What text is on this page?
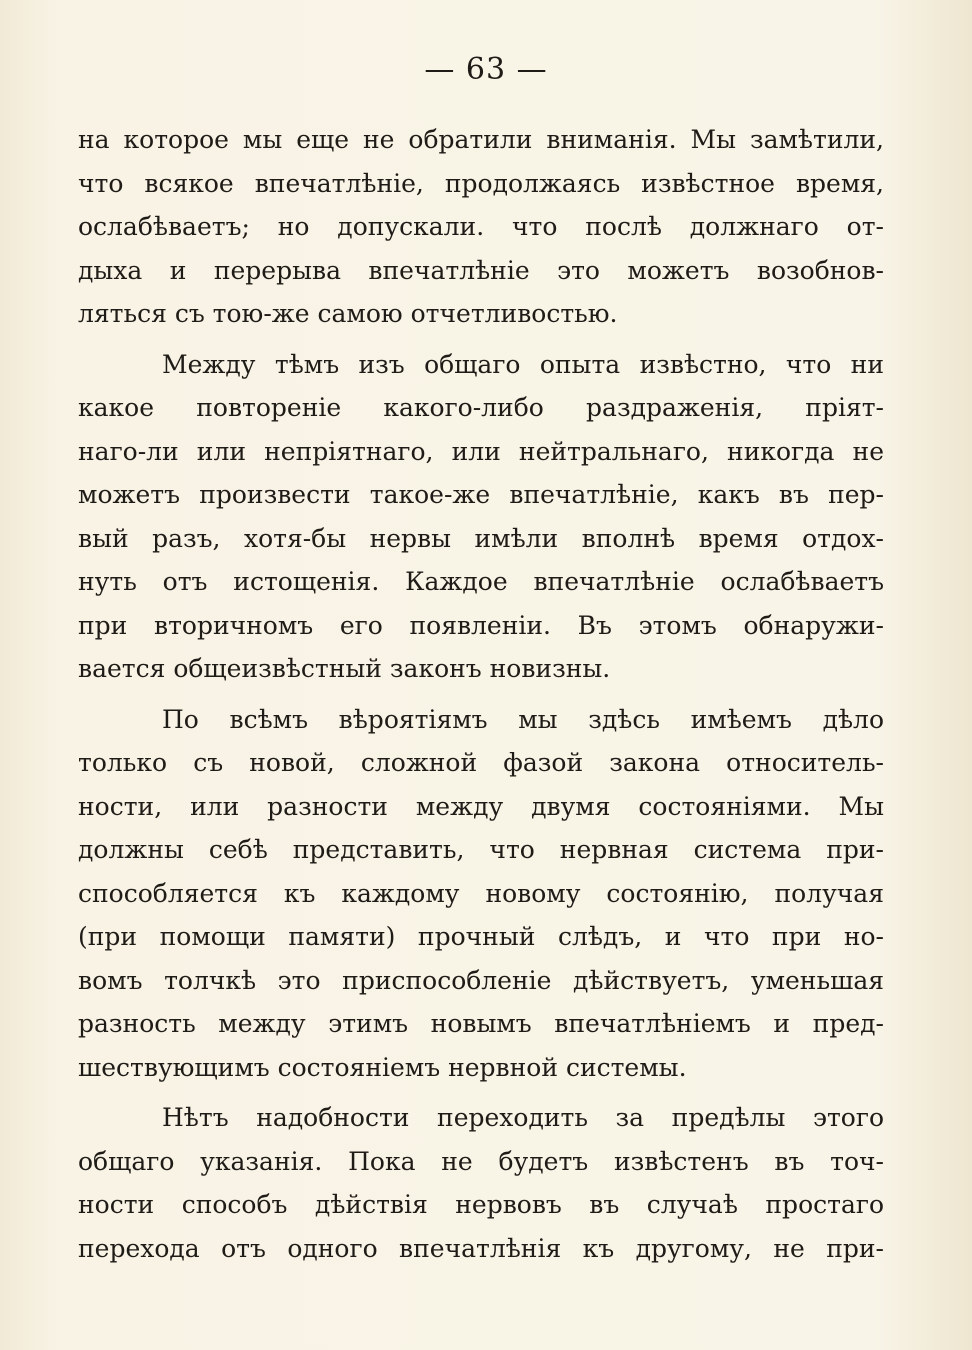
— 63 —
на которое мы еще не обратили вниманія. Мы замѣтили,
что всякое впечатлѣніе, продолжаясь извѣстное время,
ослабѣваетъ; но допускали. что послѣ должнаго от-
дыха и перерыва впечатлѣніе это можетъ возобнов-
ляться съ тою-же самою отчетливостью.
Между тѣмъ изъ общаго опыта извѣстно, что ни
какое повтореніе какого-либо раздраженія, пріят-
наго-ли или непріятнаго, или нейтральнаго, никогда не
можетъ произвести такое-же впечатлѣніе, какъ въ пер-
вый разъ, хотя-бы нервы имѣли вполнѣ время отдох-
нуть отъ истощенія. Каждое впечатлѣніе ослабѣваетъ
при вторичномъ его появленіи. Въ этомъ обнаружи-
вается общеизвѣстный законъ новизны.
По всѣмъ вѣроятіямъ мы здѣсь имѣемъ дѣло
только съ новой, сложной фазой закона относитель-
ности, или разности между двумя состояніями. Мы
должны себѣ представить, что нервная система при-
способляется къ каждому новому состоянію, получая
(при помощи памяти) прочный слѣдъ, и что при но-
вомъ толчкѣ это приспособленіе дѣйствуетъ, уменьшая
разность между этимъ новымъ впечатлѣніемъ и пред-
шествующимъ состояніемъ нервной системы.
Нѣтъ надобности переходить за предѣлы этого
общаго указанія. Пока не будетъ извѣстенъ въ точ-
ности способъ дѣйствія нервовъ въ случаѣ простаго
перехода отъ одного впечатлѣнія къ другому, не при-
